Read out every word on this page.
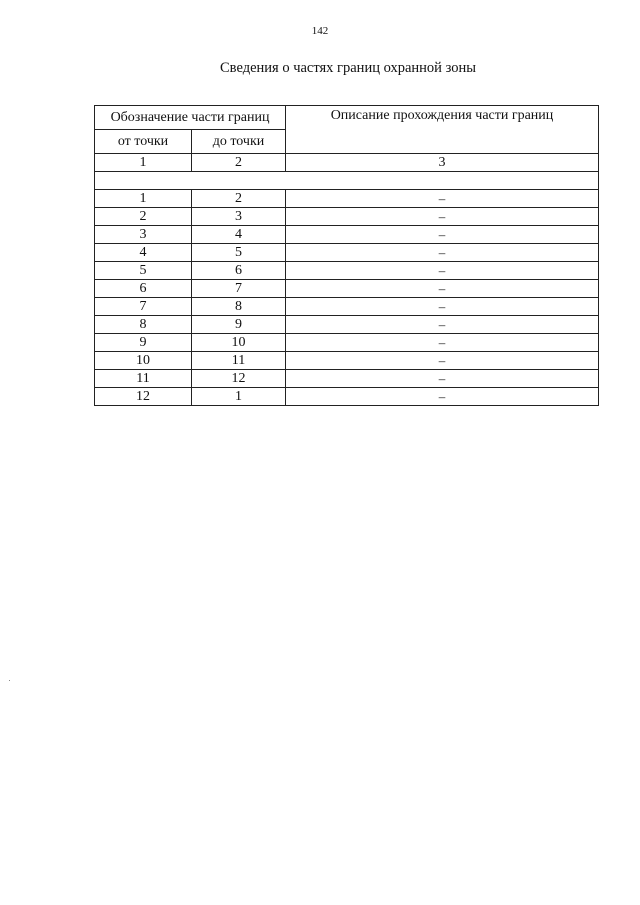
142
Сведения о частях границ охранной зоны
Обозначение части границ		Описание прохождения части границ
от точки	до точки	
1	2	3

1	2	–
2	3	–
3	4	–
4	5	–
5	6	–
6	7	–
7	8	–
8	9	–
9	10	–
10	11	–
11	12	–
12	1	–
